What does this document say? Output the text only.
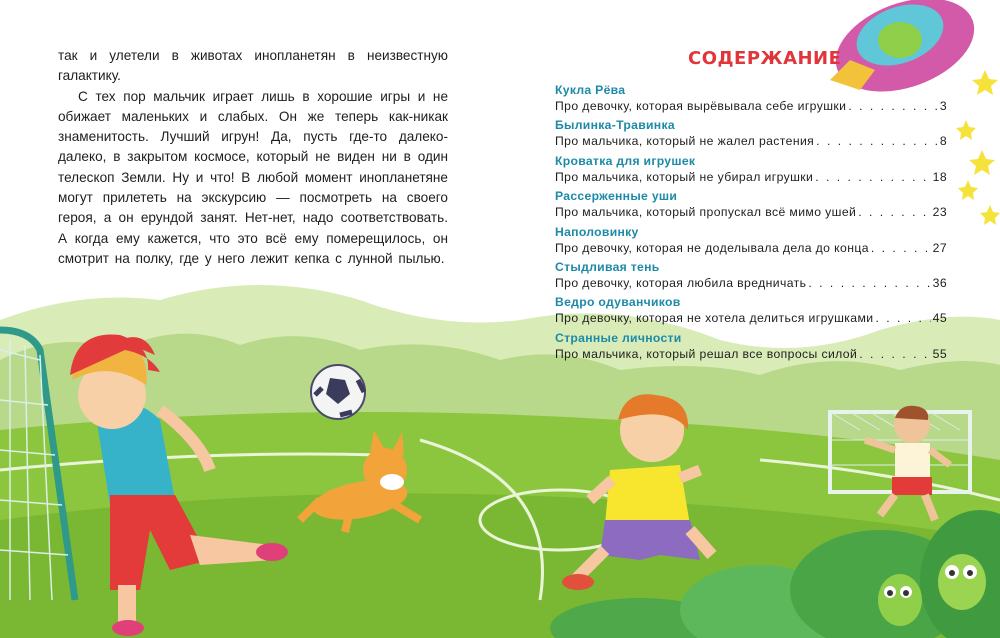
так и улетели в животах инопланетян в неизвестную галактику.

С тех пор мальчик играет лишь в хорошие игры и не обижает маленьких и слабых. Он же теперь как-никак знаменитость. Лучший игрун! Да, пусть где-то далеко-далеко, в закрытом космосе, который не виден ни в один телескоп Земли. Ну и что! В любой момент инопланетяне могут прилететь на экскурсию — посмотреть на своего героя, а он ерундой занят. Нет-нет, надо соответствовать. А когда ему кажется, что это всё ему померещилось, он смотрит на полку, где у него лежит кепка с лунной пылью.

СОДЕРЖАНИЕ
Кукла Рёва
Про девочку, которая вырёвывала себе игрушки . . .	3
Былинка-Травинка
Про мальчика, который не жалел растения . . .	8
Кроватка для игрушек
Про мальчика, который не убирал игрушки . . .	18
Рассерженные уши
Про мальчика, который пропускал всё мимо ушей . . .	23
Наполовинку
Про девочку, которая не доделывала дела до конца . . .	27
Стыдливая тень
Про девочку, которая любила вредничать . . .	36
Ведро одуванчиков
Про девочку, которая не хотела делиться игрушками . . .	45
Странные личности
Про мальчика, который решал все вопросы силой . . .	55
